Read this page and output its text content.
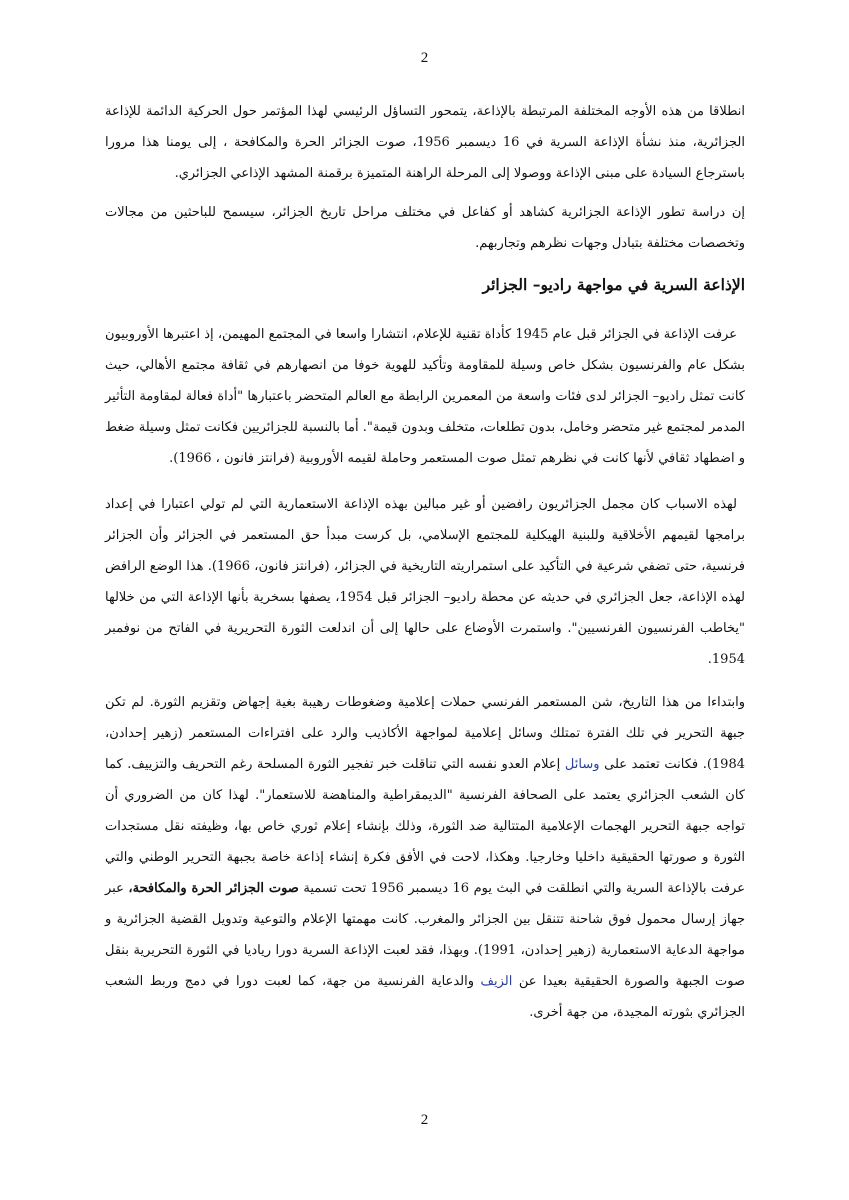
2

انطلاقا من هذه الأوجه المختلفة المرتبطة بالإذاعة، يتمحور التساؤل الرئيسي لهذا المؤتمر حول الحركية الدائمة للإذاعة الجزائرية، منذ نشأة الإذاعة السرية في 16 ديسمبر 1956، صوت الجزائر الحرة والمكافحة ، إلى يومنا هذا مرورا باسترجاع السيادة على مبنى الإذاعة ووصولا إلى المرحلة الراهنة المتميزة برقمنة المشهد الإذاعي الجزائري.

إن دراسة تطور الإذاعة الجزائرية كشاهد أو كفاعل في مختلف مراحل تاريخ الجزائر، سيسمح للباحثين من مجالات وتخصصات مختلفة بتبادل وجهات نظرهم وتجاربهم.

الإذاعة السرية في مواجهة راديو– الجزائر

عرفت الإذاعة في الجزائر قبل عام 1945 كأداة تقنية للإعلام، انتشارا واسعا في المجتمع المهيمن، إذ اعتبرها الأوروبيون بشكل عام والفرنسيون بشكل خاص وسيلة للمقاومة وتأكيد للهوية خوفا من انصهارهم في ثقافة مجتمع الأهالي، حيث كانت تمثل راديو– الجزائر لدى فئات واسعة من المعمرين الرابطة مع العالم المتحضر باعتبارها "أداة فعالة لمقاومة التأثير المدمر لمجتمع غير متحضر وخامل، بدون تطلعات، متخلف وبدون قيمة". أما بالنسبة للجزائريين فكانت تمثل وسيلة ضغط و اضطهاد ثقافي لأنها كانت في نظرهم تمثل صوت المستعمر وحاملة لقيمه الأوروبية (فرانتز فانون ، 1966).

لهذه الاسباب كان مجمل الجزائريون رافضين أو غير مبالين بهذه الإذاعة الاستعمارية التي لم تولي اعتبارا في إعداد برامجها لقيمهم الأخلاقية وللبنية الهيكلية للمجتمع الإسلامي، بل كرست مبدأ حق المستعمر في الجزائر وأن الجزائر فرنسية، حتى تضفي شرعية في التأكيد على استمراريته التاريخية في الجزائر، (فرانتز فانون، 1966). هذا الوضع الرافض لهذه الإذاعة، جعل الجزائري في حديثه عن محطة راديو– الجزائر قبل 1954، يصفها بسخرية بأنها الإذاعة التي من خلالها "يخاطب الفرنسيون الفرنسيين". واستمرت الأوضاع على حالها إلى أن اندلعت الثورة التحريرية في الفاتح من نوفمبر 1954.

وابتداءا من هذا التاريخ، شن المستعمر الفرنسي حملات إعلامية وضغوطات رهيبة بغية إجهاض وتقزيم الثورة. لم تكن جبهة التحرير في تلك الفترة تمتلك وسائل إعلامية لمواجهة الأكاذيب والرد على افتراءات المستعمر (زهير إحدادن، 1984). فكانت تعتمد على وسائل إعلام العدو نفسه التي تناقلت خبر تفجير الثورة المسلحة رغم التحريف والتزييف. كما كان الشعب الجزائري يعتمد على الصحافة الفرنسية "الديمقراطية والمناهضة للاستعمار". لهذا كان من الضروري أن تواجه جبهة التحرير الهجمات الإعلامية المتتالية ضد الثورة، وذلك بإنشاء إعلام ثوري خاص بها، وظيفته نقل مستجدات الثورة و صورتها الحقيقية داخليا وخارجيا. وهكذا، لاحت في الأفق فكرة إنشاء إذاعة خاصة بجبهة التحرير الوطني والتي عرفت بالإذاعة السرية والتي انطلقت في البث يوم 16 ديسمبر 1956 تحت تسمية صوت الجزائر الحرة والمكافحة، عبر جهاز إرسال محمول فوق شاحنة تتنقل بين الجزائر والمغرب. كانت مهمتها الإعلام والتوعية وتدويل القضية الجزائرية و مواجهة الدعاية الاستعمارية (زهير إحدادن، 1991). وبهذا، فقد لعبت الإذاعة السرية دورا رياديا في الثورة التحريرية بنقل صوت الجبهة والصورة الحقيقية بعيدا عن الزيف والدعاية الفرنسية من جهة، كما لعبت دورا في دمج وربط الشعب الجزائري بثورته المجيدة، من جهة أخرى.

2
